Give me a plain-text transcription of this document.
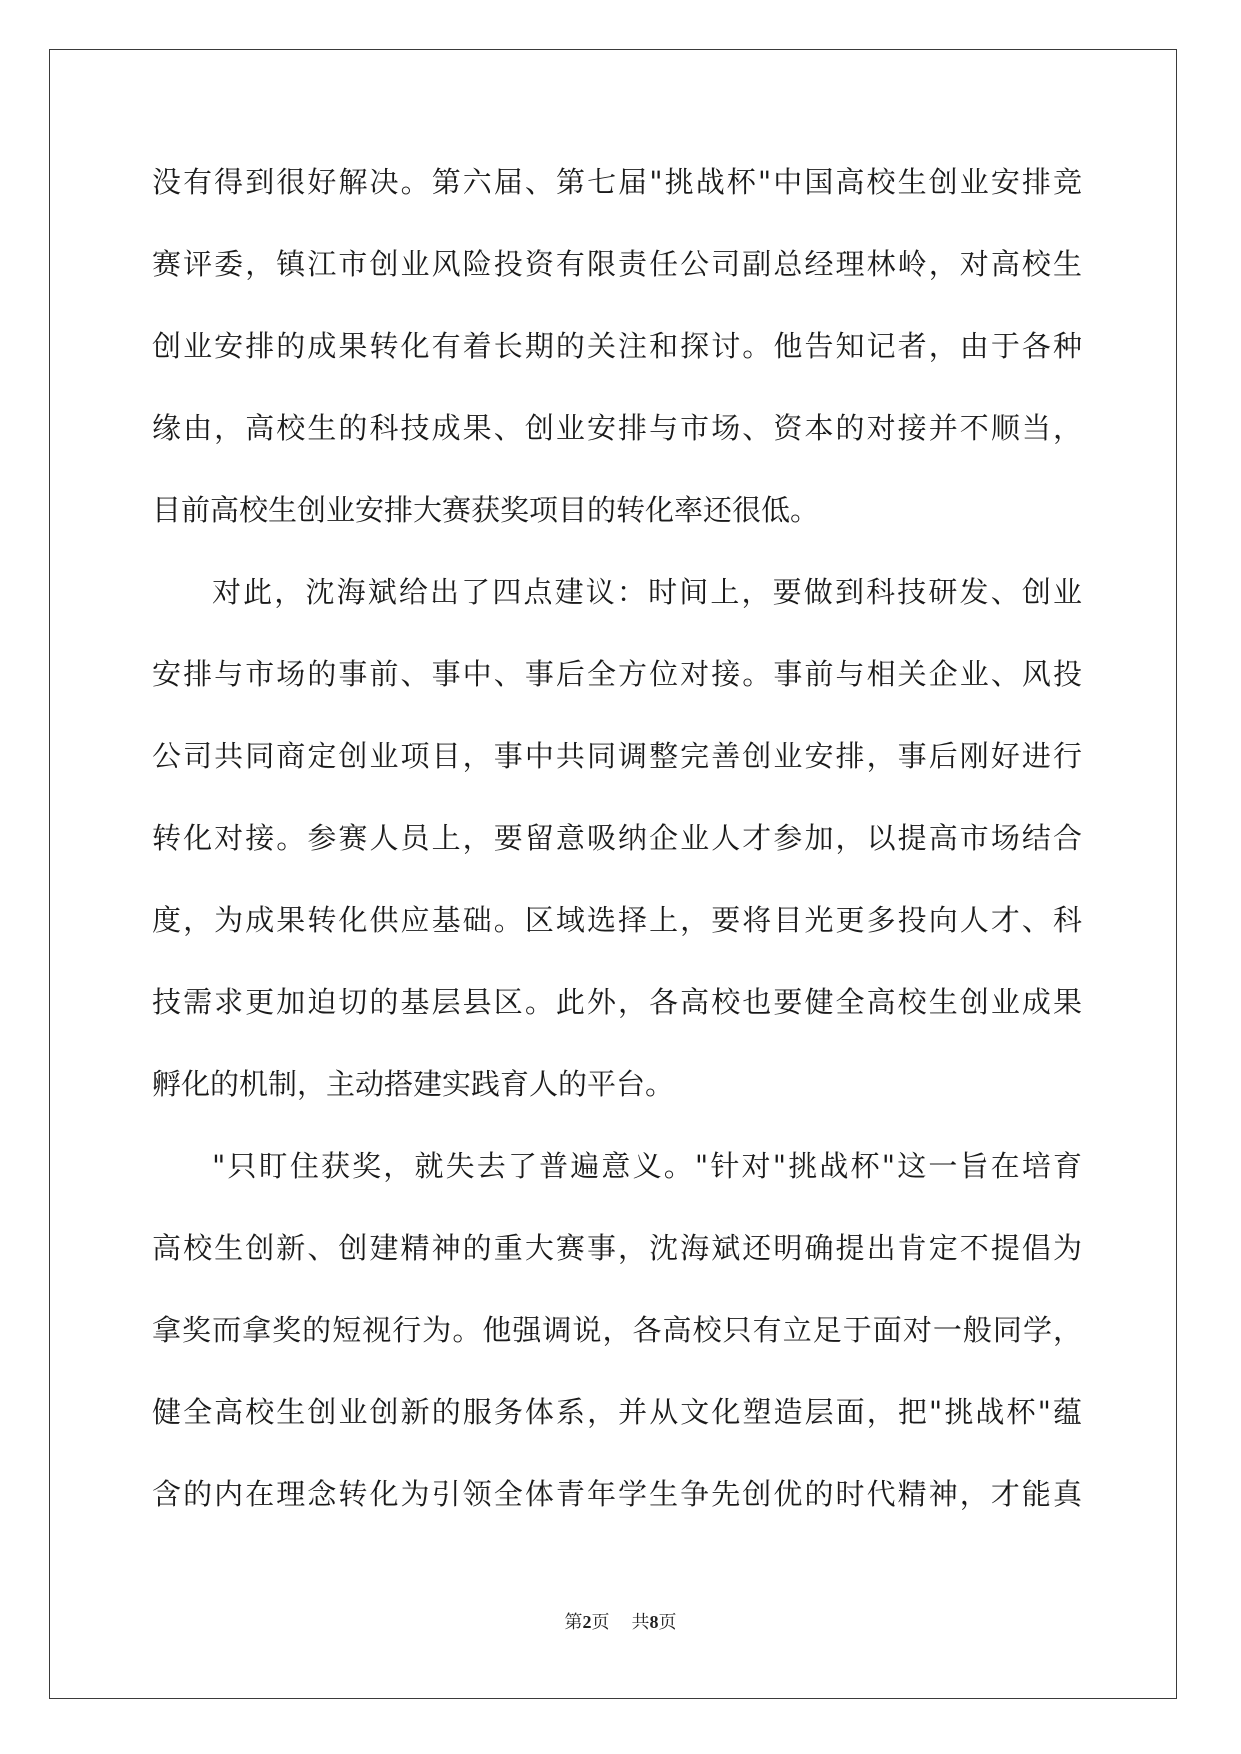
没有得到很好解决。第六届、第七届"挑战杯"中国高校生创业安排竞
赛评委，镇江市创业风险投资有限责任公司副总经理林岭，对高校生
创业安排的成果转化有着长期的关注和探讨。他告知记者，由于各种
缘由，高校生的科技成果、创业安排与市场、资本的对接并不顺当，
目前高校生创业安排大赛获奖项目的转化率还很低。
对此，沈海斌给出了四点建议：时间上，要做到科技研发、创业
安排与市场的事前、事中、事后全方位对接。事前与相关企业、风投
公司共同商定创业项目，事中共同调整完善创业安排，事后刚好进行
转化对接。参赛人员上，要留意吸纳企业人才参加，以提高市场结合
度，为成果转化供应基础。区域选择上，要将目光更多投向人才、科
技需求更加迫切的基层县区。此外，各高校也要健全高校生创业成果
孵化的机制，主动搭建实践育人的平台。
"只盯住获奖，就失去了普遍意义。"针对"挑战杯"这一旨在培育
高校生创新、创建精神的重大赛事，沈海斌还明确提出肯定不提倡为
拿奖而拿奖的短视行为。他强调说，各高校只有立足于面对一般同学，
健全高校生创业创新的服务体系，并从文化塑造层面，把"挑战杯"蕴
含的内在理念转化为引领全体青年学生争先创优的时代精神，才能真
第2页 共8页
